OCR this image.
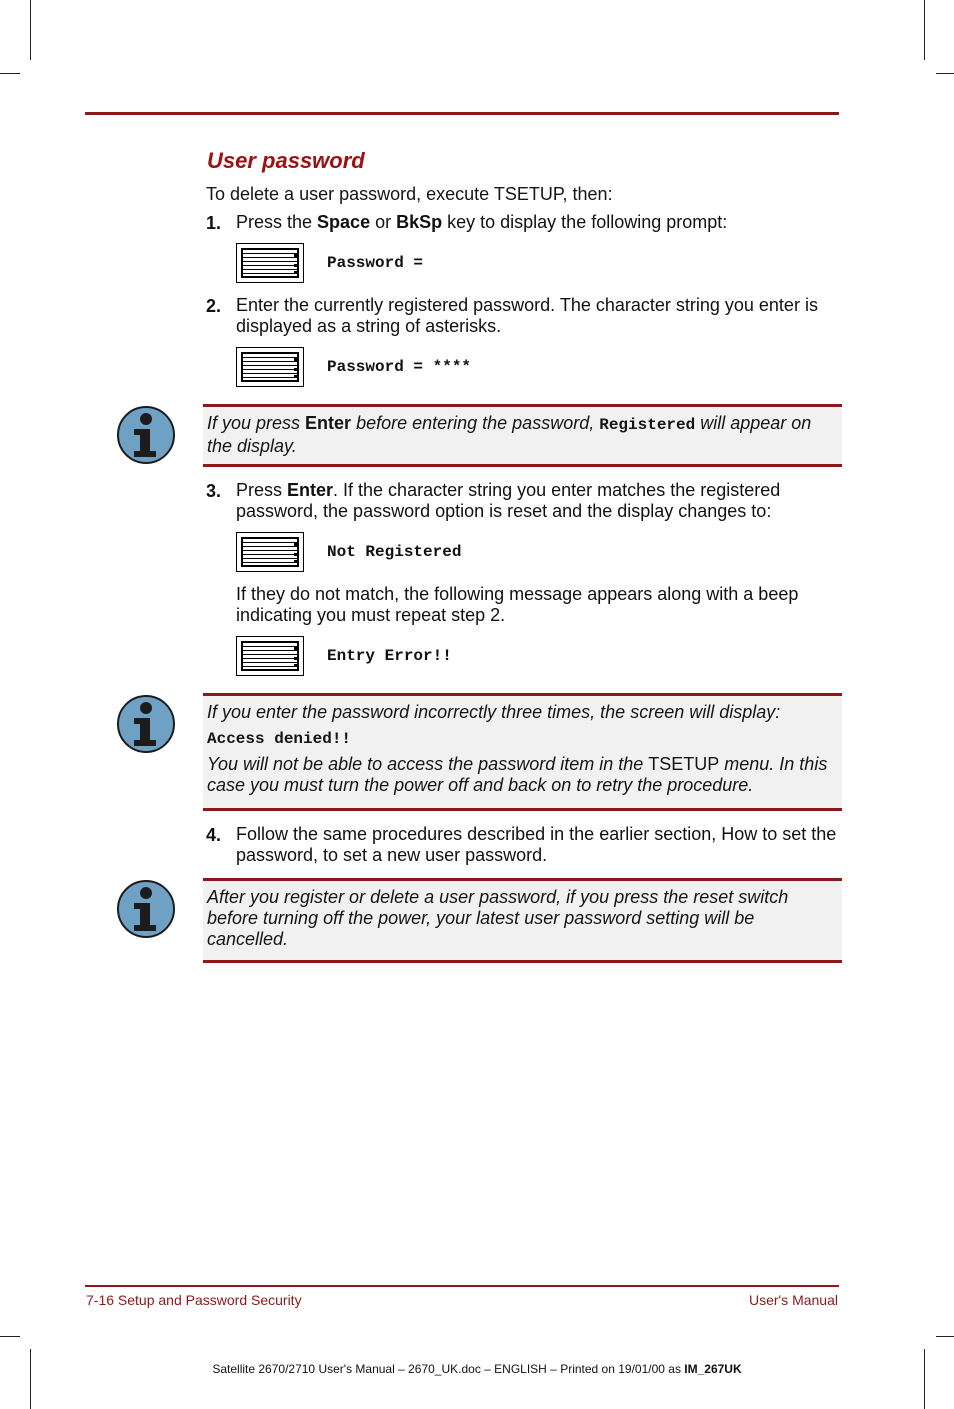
User password

To delete a user password, execute TSETUP, then:

1. Press the Space or BkSp key to display the following prompt:

Password =

2. Enter the currently registered password. The character string you enter is displayed as a string of asterisks.

Password = ****

If you press Enter before entering the password, Registered will appear on the display.

3. Press Enter. If the character string you enter matches the registered password, the password option is reset and the display changes to:

Not Registered

If they do not match, the following message appears along with a beep indicating you must repeat step 2.

Entry Error!!

If you enter the password incorrectly three times, the screen will display:

Access denied!!

You will not be able to access the password item in the TSETUP menu. In this case you must turn the power off and back on to retry the procedure.

4. Follow the same procedures described in the earlier section, How to set the password, to set a new user password.

After you register or delete a user password, if you press the reset switch before turning off the power, your latest user password setting will be cancelled.

7-16 Setup and Password Security	User's Manual

Satellite 2670/2710 User's Manual – 2670_UK.doc – ENGLISH – Printed on 19/01/00 as IM_267UK
